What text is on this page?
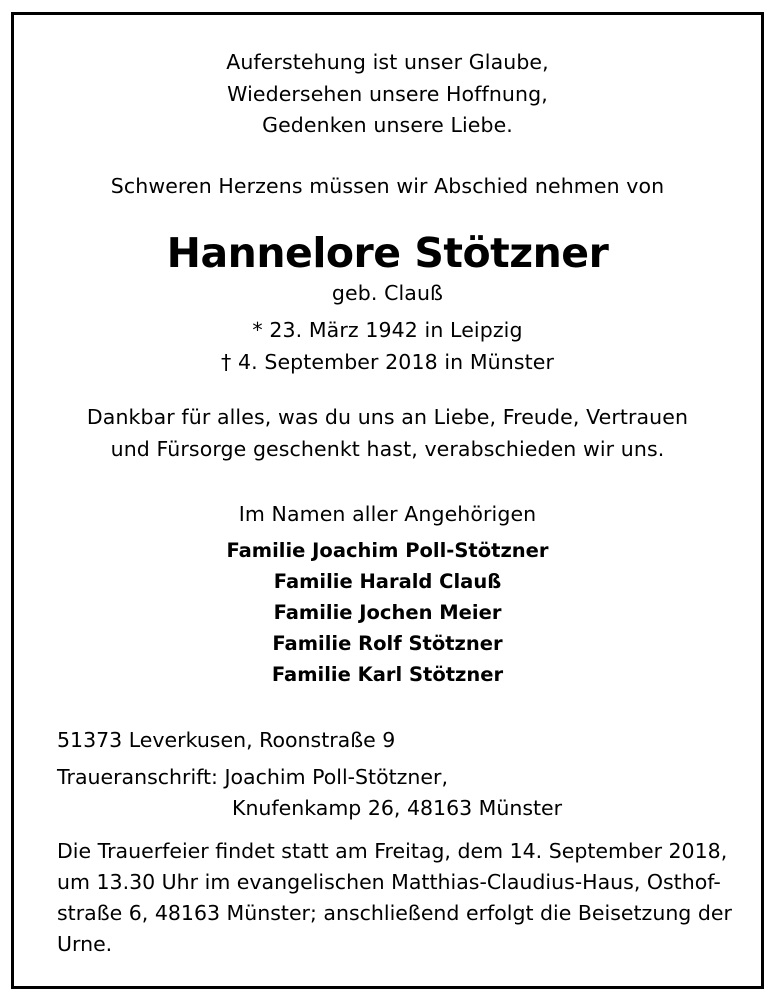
Auferstehung ist unser Glaube,
Wiedersehen unsere Hoffnung,
Gedenken unsere Liebe.
Schweren Herzens müssen wir Abschied nehmen von
Hannelore Stötzner
geb. Clauß
* 23. März 1942 in Leipzig
† 4. September 2018 in Münster
Dankbar für alles, was du uns an Liebe, Freude, Vertrauen
und Fürsorge geschenkt hast, verabschieden wir uns.
Im Namen aller Angehörigen
Familie Joachim Poll-Stötzner
Familie Harald Clauß
Familie Jochen Meier
Familie Rolf Stötzner
Familie Karl Stötzner
51373 Leverkusen, Roonstraße 9
Traueranschrift: Joachim Poll-Stötzner,
Knufenkamp 26, 48163 Münster
Die Trauerfeier findet statt am Freitag, dem 14. September 2018,
um 13.30 Uhr im evangelischen Matthias-Claudius-Haus, Osthof-
straße 6, 48163 Münster; anschließend erfolgt die Beisetzung der
Urne.
